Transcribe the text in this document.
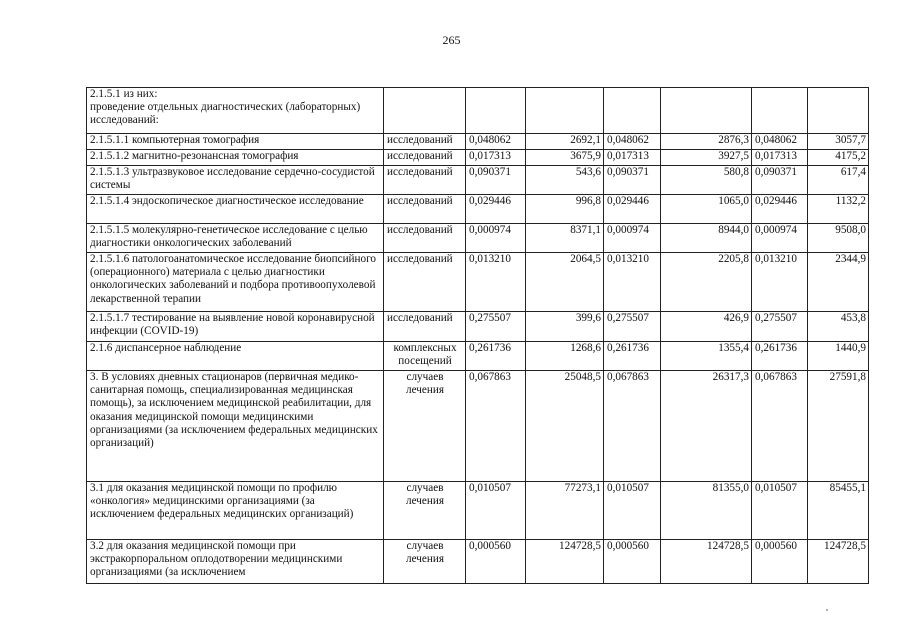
265
2.1.5.1 из них:
проведение отдельных диагностических (лабораторных) исследований:							
2.1.5.1.1 компьютерная томография	исследований	0,048062	2692,1	0,048062	2876,3	0,048062	3057,7
2.1.5.1.2 магнитно-резонансная томография	исследований	0,017313	3675,9	0,017313	3927,5	0,017313	4175,2
2.1.5.1.3 ультразвуковое исследование сердечно-сосудистой системы	исследований	0,090371	543,6	0,090371	580,8	0,090371	617,4
2.1.5.1.4 эндоскопическое диагностическое исследование	исследований	0,029446	996,8	0,029446	1065,0	0,029446	1132,2
2.1.5.1.5 молекулярно-генетическое исследование с целью диагностики онкологических заболеваний	исследований	0,000974	8371,1	0,000974	8944,0	0,000974	9508,0
2.1.5.1.6 патологоанатомическое исследование биопсийного (операционного) материала с целью диагностики онкологических заболеваний и подбора противоопухолевой лекарственной терапии	исследований	0,013210	2064,5	0,013210	2205,8	0,013210	2344,9
2.1.5.1.7 тестирование на выявление новой коронавирусной инфекции (COVID-19)	исследований	0,275507	399,6	0,275507	426,9	0,275507	453,8
2.1.6 диспансерное наблюдение	комплексных посещений	0,261736	1268,6	0,261736	1355,4	0,261736	1440,9
3. В условиях дневных стационаров (первичная медико-санитарная помощь, специализированная медицинская помощь), за исключением медицинской реабилитации, для оказания медицинской помощи медицинскими организациями (за исключением федеральных медицинских организаций)	случаев лечения	0,067863	25048,5	0,067863	26317,3	0,067863	27591,8
3.1 для оказания медицинской помощи по профилю «онкология» медицинскими организациями (за исключением федеральных медицинских организаций)	случаев лечения	0,010507	77273,1	0,010507	81355,0	0,010507	85455,1
3.2 для оказания медицинской помощи при экстракорпоральном оплодотворении медицинскими организациями (за исключением	случаев лечения	0,000560	124728,5	0,000560	124728,5	0,000560	124728,5
